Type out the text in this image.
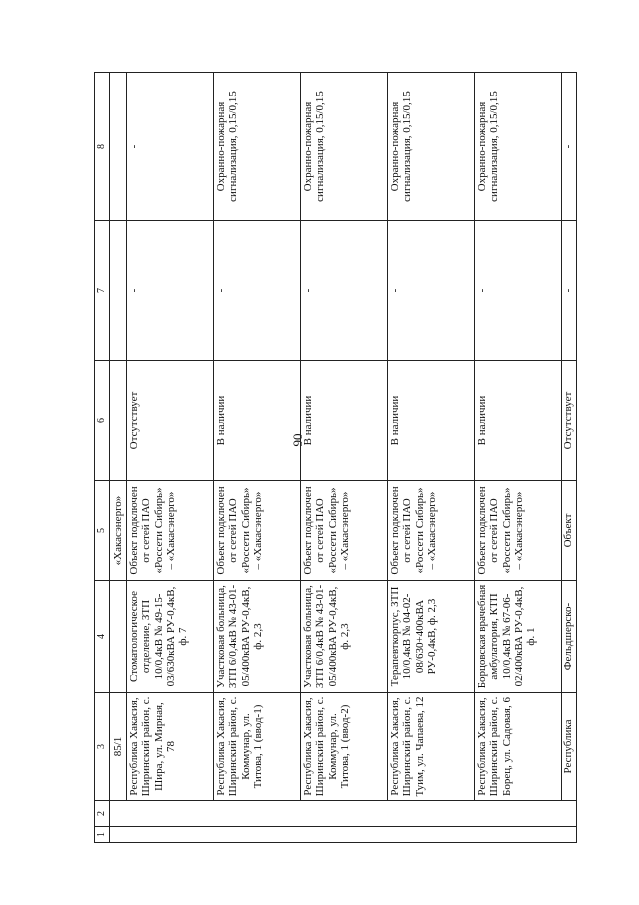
90
1	2	3	4	5	6	7	8
		85/1		«Хакасэнерго»			
		Республика Хакасия, Ширинский район, с. Шира, ул. Мирная, 78	Стоматологическое отделение, ЗТП 10/0,4кВ № 49-15-03/630кВА РУ-0,4кВ, ф. 7	Объект подключен от сетей ПАО «Россети Сибирь» – «Хакасэнерго»	Отсутствует	-	-
		Республика Хакасия, Ширинский район, с. Коммунар, ул. Титова, 1 (ввод-1)	Участковая больница, ЗТП 6/0,4кВ № 43-01-05/400кВА РУ-0,4кВ, ф. 2,3	Объект подключен от сетей ПАО «Россети Сибирь» – «Хакасэнерго»	В наличии	-	Охранно-пожарная сигнализация, 0,15/0,15
		Республика Хакасия, Ширинский район, с. Коммунар, ул. Титова, 1 (ввод-2)	Участковая больница, ЗТП 6/0,4кВ № 43-01-05/400кВА РУ-0,4кВ, ф. 2,3	Объект подключен от сетей ПАО «Россети Сибирь» – «Хакасэнерго»	В наличии	-	Охранно-пожарная сигнализация, 0,15/0,15
		Республика Хакасия, Ширинский район, с. Туим, ул. Чапаева, 12	Терапевткорпус, ЗТП 10/0,4кВ № 04-02-08/630+400кВА РУ-0,4кВ, ф. 2,3	Объект подключен от сетей ПАО «Россети Сибирь» – «Хакасэнерго»	В наличии	-	Охранно-пожарная сигнализация, 0,15/0,15
		Республика Хакасия, Ширинский район, с. Борец, ул. Садовая, 6	Борцовская врачебная амбулатория, КТП 10/0,4кВ № 67-06-02/400кВА РУ-0,4кВ, ф. 1	Объект подключен от сетей ПАО «Россети Сибирь» – «Хакасэнерго»	В наличии	-	Охранно-пожарная сигнализация, 0,15/0,15
		Республика	Фельдшерско-	Объект	Отсутствует	-	-
